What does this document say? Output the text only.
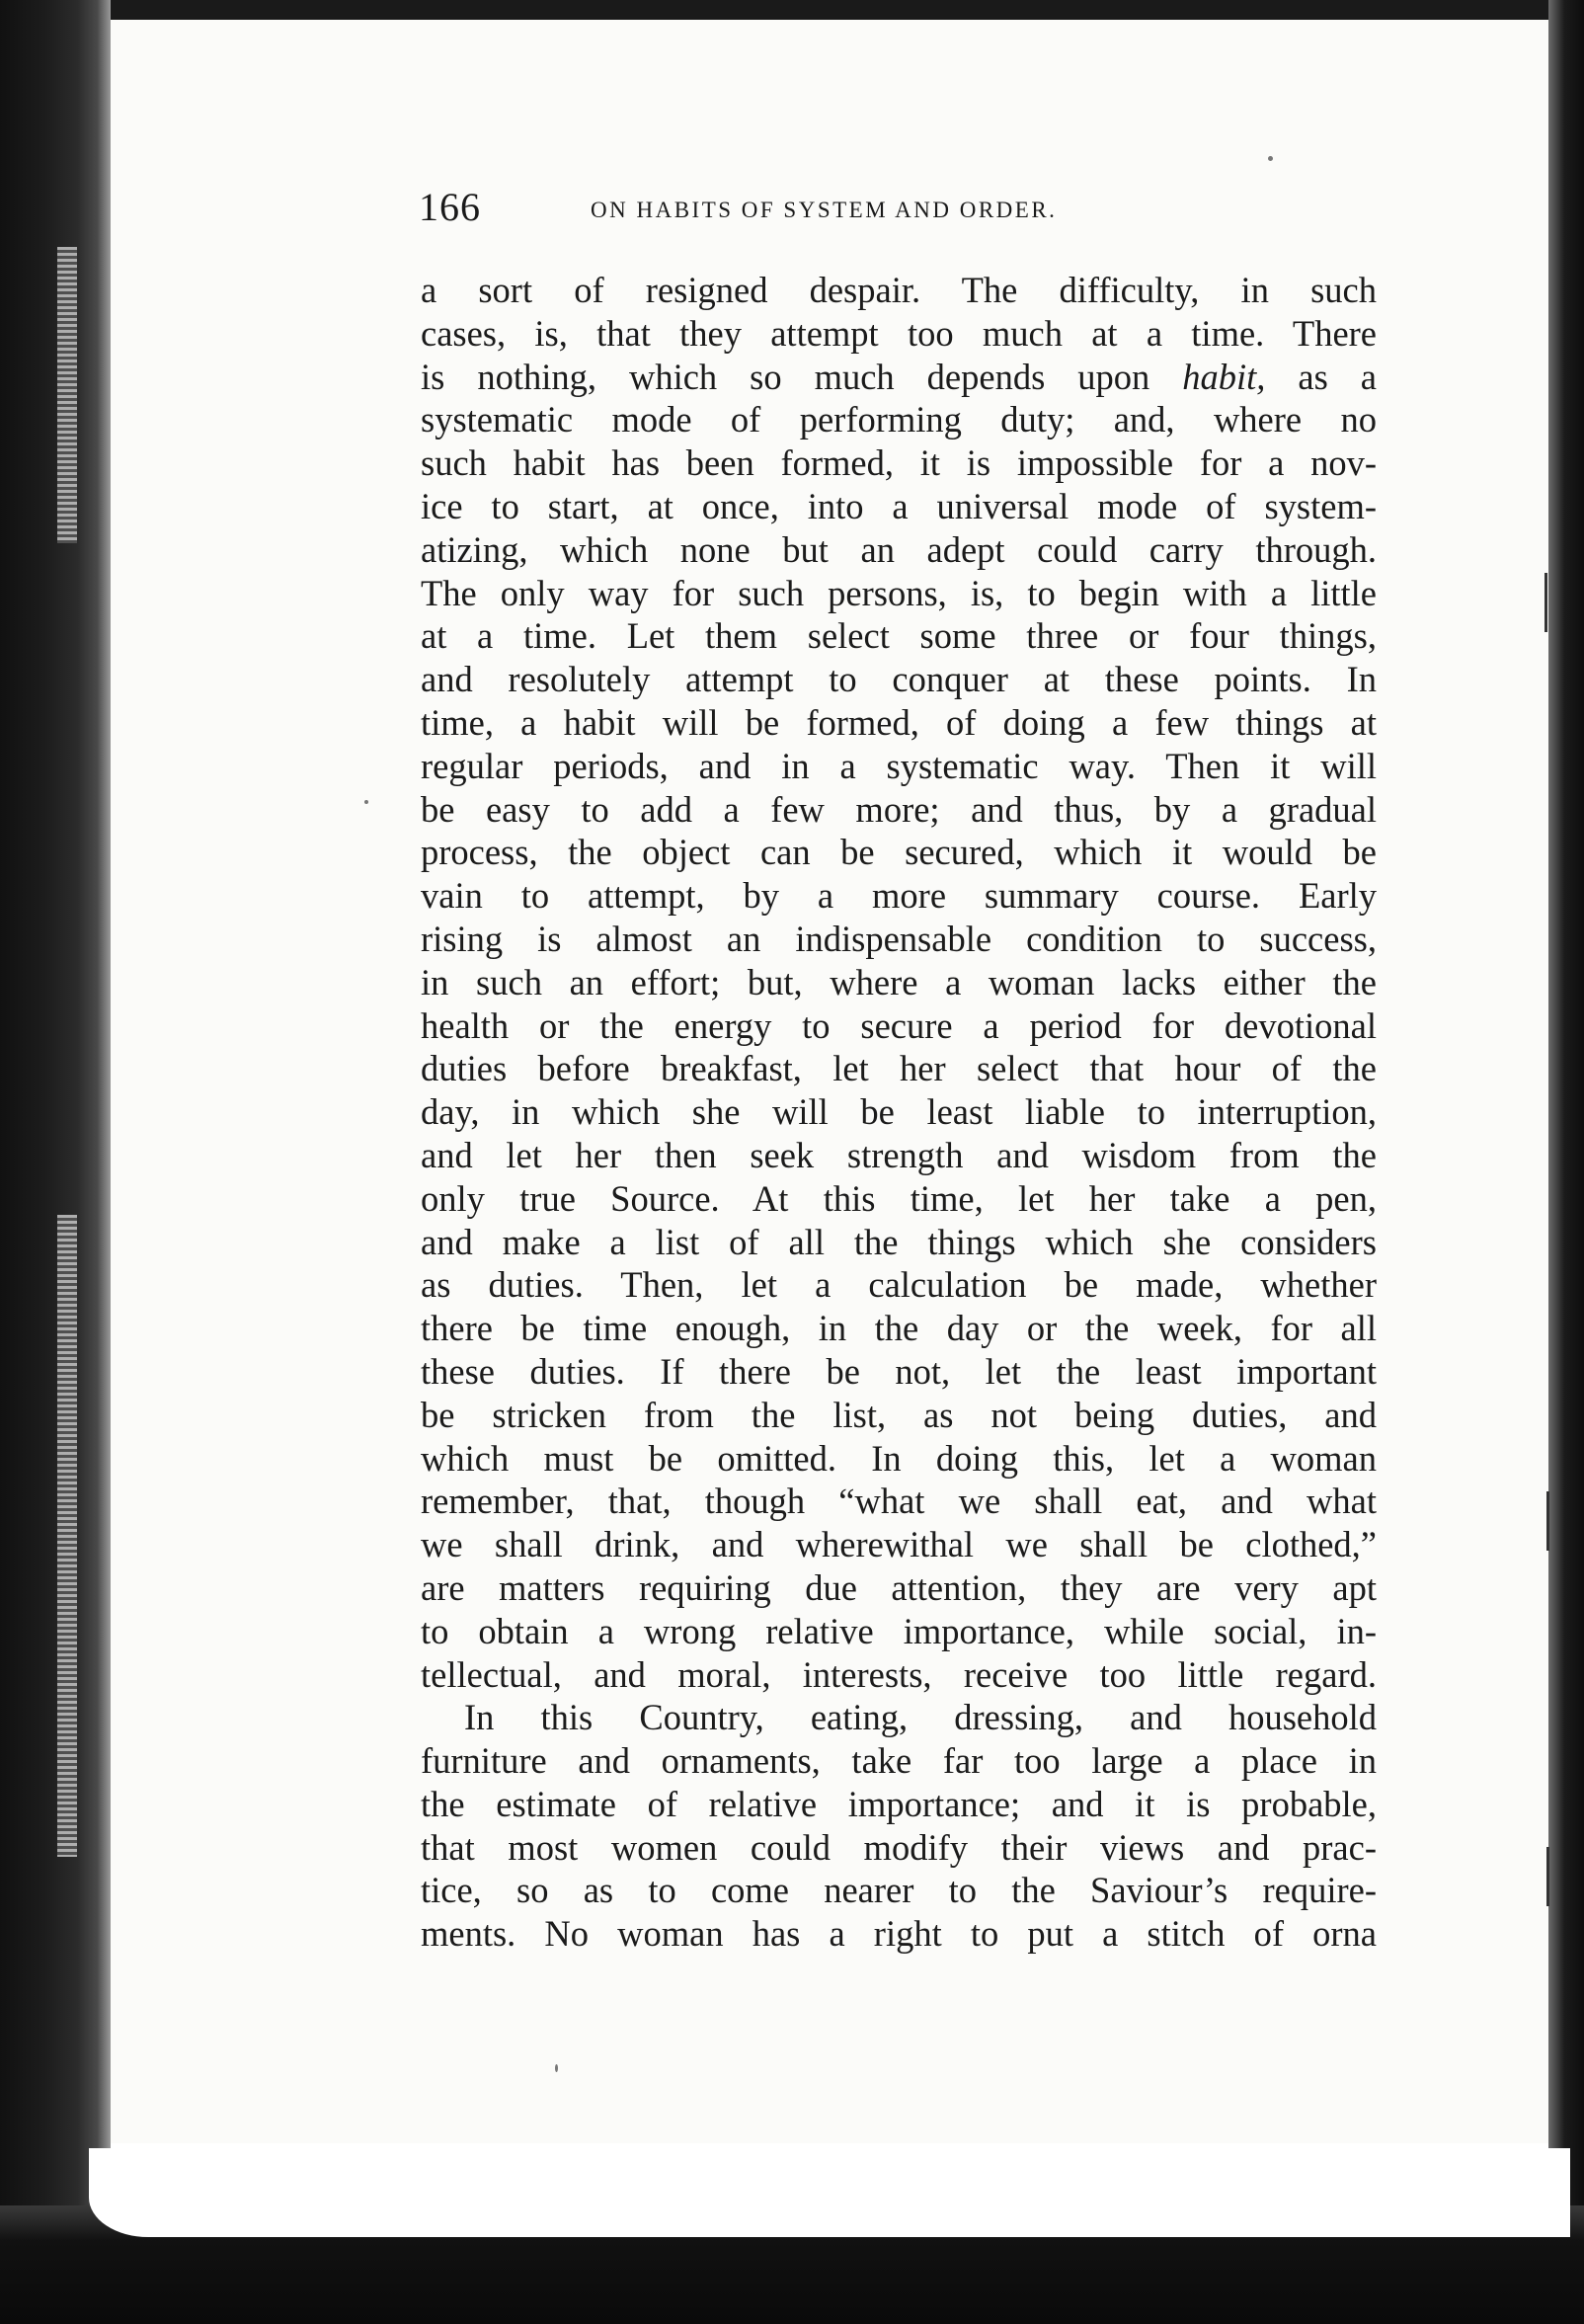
166	ON HABITS OF SYSTEM AND ORDER.
a sort of resigned despair. The difficulty, in such
cases, is, that they attempt too much at a time. There
is nothing, which so much depends upon habit, as a
systematic mode of performing duty; and, where no
such habit has been formed, it is impossible for a nov-
ice to start, at once, into a universal mode of system-
atizing, which none but an adept could carry through.
The only way for such persons, is, to begin with a little
at a time. Let them select some three or four things,
and resolutely attempt to conquer at these points. In
time, a habit will be formed, of doing a few things at
regular periods, and in a systematic way. Then it will
be easy to add a few more; and thus, by a gradual
process, the object can be secured, which it would be
vain to attempt, by a more summary course. Early
rising is almost an indispensable condition to success,
in such an effort; but, where a woman lacks either the
health or the energy to secure a period for devotional
duties before breakfast, let her select that hour of the
day, in which she will be least liable to interruption,
and let her then seek strength and wisdom from the
only true Source. At this time, let her take a pen,
and make a list of all the things which she considers
as duties. Then, let a calculation be made, whether
there be time enough, in the day or the week, for all
these duties. If there be not, let the least important
be stricken from the list, as not being duties, and
which must be omitted. In doing this, let a woman
remember, that, though “what we shall eat, and what
we shall drink, and wherewithal we shall be clothed,”
are matters requiring due attention, they are very apt
to obtain a wrong relative importance, while social, in-
tellectual, and moral, interests, receive too little regard.
In this Country, eating, dressing, and household
furniture and ornaments, take far too large a place in
the estimate of relative importance; and it is probable,
that most women could modify their views and prac-
tice, so as to come nearer to the Saviour’s require-
ments. No woman has a right to put a stitch of orna
